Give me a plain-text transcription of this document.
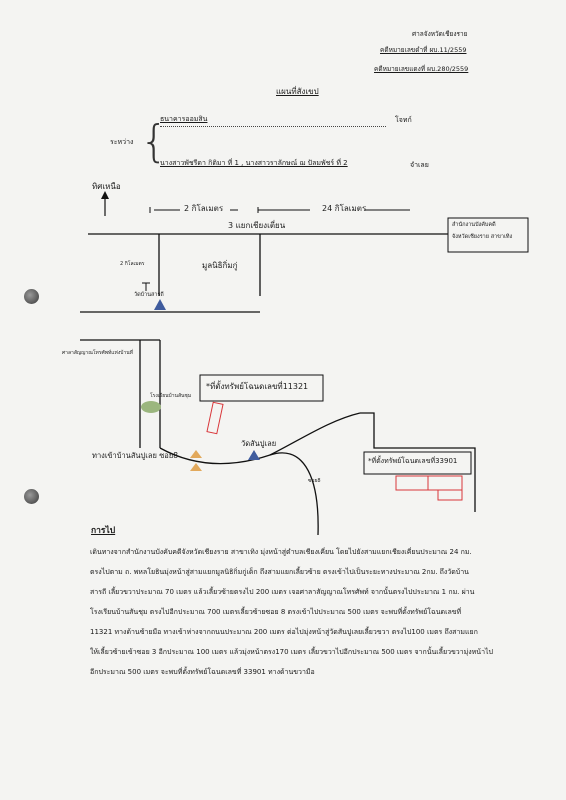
ศาลจังหวัดเชียงราย
คดีหมายเลขดำที่ ผบ.11/2559
คดีหมายเลขแดงที่ ผบ.280/2559
แผนที่สังเขป
ระหว่าง {
ธนาคารออมสิน	โจทก์
นางสาวพัชรีดา กิติมา ที่ 1 , นางสาวราลักษณ์ ฌ ปัลมพัชร์ ที่ 2	จำเลย
ทิศเหนือ
2 กิโลเมตร	24 กิโลเมตร
3 แยกเชียงเตี่ยน	สำนักงานบังคับคดี
จังหวัดเชียงราย สาขาเทิง
2 กิโลเมตร	มูลนิธิกิ่มกู่
วัดบ้านสารถี
ศาลาสัญญาณโทรศัพท์แห่งบ้านที่
โรงเรียนบ้านสันชุม
*ที่ตั้งทรัพย์โฉนดเลขที่11321
ทางเข้าบ้านสันปูเลย ซอย8
วัดสันปูเลย
ซอย8
*ที่ตั้งทรัพย์โฉนดเลขที่33901
การไป
เดินทางจากสำนักงานบังคับคดีจังหวัดเชียงราย สาขาเทิง มุ่งหน้าสู่ตำบลเชียงเคี่ยน โดยไปยังสามแยกเชียงเคี่ยนประมาณ 24 กม.
ตรงไปตาม ถ. พหลโยธินมุ่งหน้าสู่สามแยกมูลนิธิกิ่มกู่เด็ก ถึงสามแยกเลี้ยวซ้าย ตรงเข้าไปเป็นระยะทางประมาณ 2กม. ถึงวัดบ้าน
สารถี เลี้ยวขวาประมาณ 70 เมตร แล้วเลี้ยวซ้ายตรงไป 200 เมตร เจอศาลาสัญญาณโทรศัพท์ จากนั้นตรงไปประมาณ 1 กม. ผ่าน
โรงเรียนบ้านสันชุม ตรงไปอีกประมาณ 700 เมตรเลี้ยวซ้ายซอย 8 ตรงเข้าไปประมาณ 500 เมตร จะพบที่ตั้งทรัพย์โฉนดเลขที่
11321 ทางด้านซ้ายมือ ทางเข้าห่างจากถนนประมาณ 200 เมตร ต่อไปมุ่งหน้าสู่วัดสันปูเลยเลี้ยวขวา ตรงไป100 เมตร ถึงสามแยก
ให้เลี้ยวซ้ายเข้าซอย 3 อีกประมาณ 100 เมตร แล้วมุ่งหน้าตรง170 เมตร เลี้ยวขวาไปอีกประมาณ 500 เมตร จากนั้นเลี้ยวขวามุ่งหน้าไป
อีกประมาณ 500 เมตร จะพบที่ตั้งทรัพย์โฉนดเลขที่ 33901 ทางด้านขวามือ
